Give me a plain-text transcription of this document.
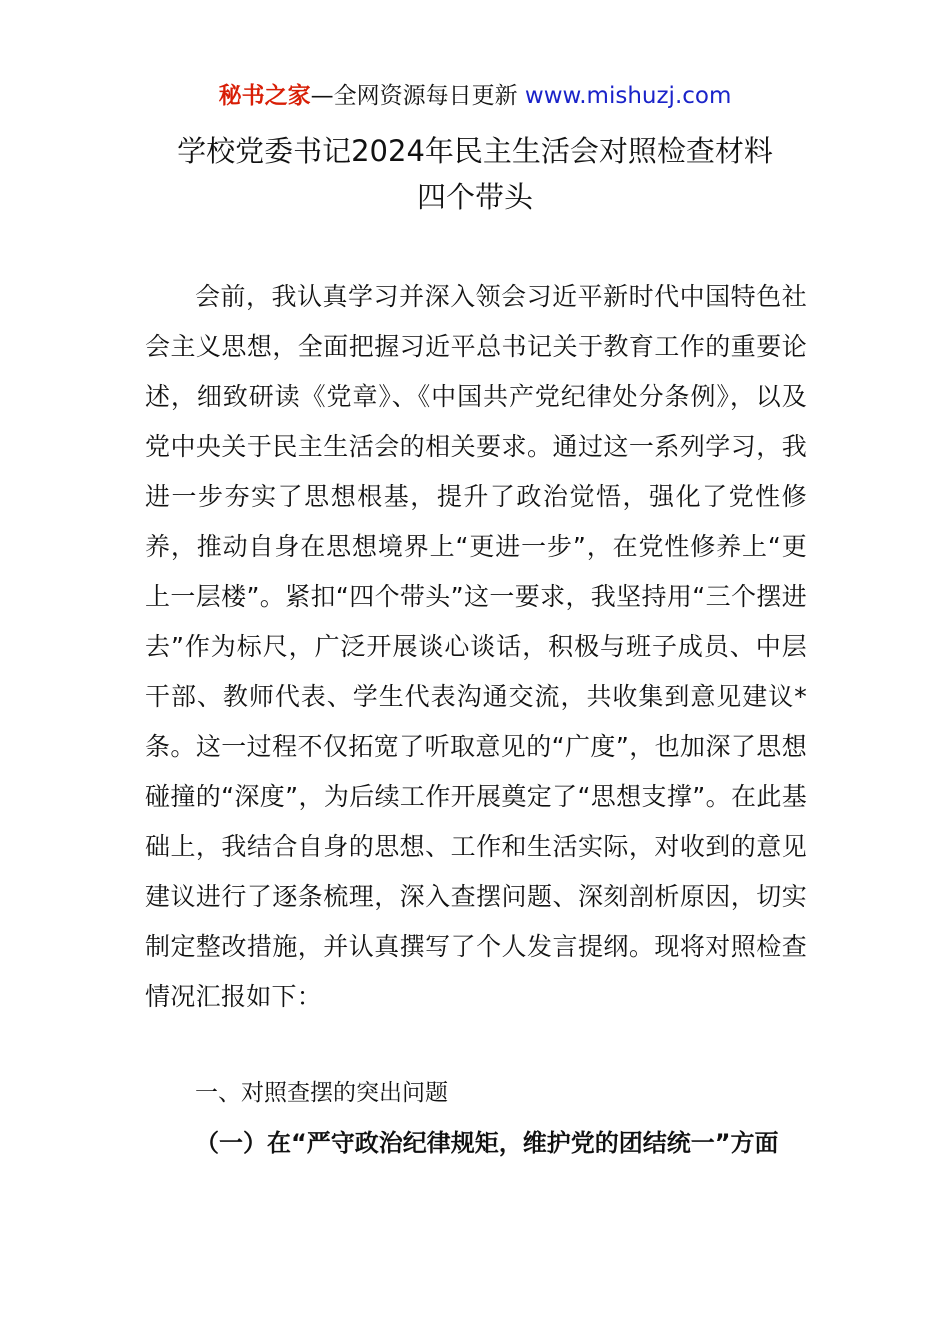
秘书之家—全网资源每日更新 www.mishuzj.com
学校党委书记2024年民主生活会对照检查材料
四个带头

会前，我认真学习并深入领会习近平新时代中国特色社会主义思想，全面把握习近平总书记关于教育工作的重要论述，细致研读《党章》、《中国共产党纪律处分条例》，以及党中央关于民主生活会的相关要求。通过这一系列学习，我进一步夯实了思想根基，提升了政治觉悟，强化了党性修养，推动自身在思想境界上“更进一步”，在党性修养上“更上一层楼”。紧扣“四个带头”这一要求，我坚持用“三个摆进去”作为标尺，广泛开展谈心谈话，积极与班子成员、中层干部、教师代表、学生代表沟通交流，共收集到意见建议*条。这一过程不仅拓宽了听取意见的“广度”，也加深了思想碰撞的“深度”，为后续工作开展奠定了“思想支撑”。在此基础上，我结合自身的思想、工作和生活实际，对收到的意见建议进行了逐条梳理，深入查摆问题、深刻剖析原因，切实制定整改措施，并认真撰写了个人发言提纲。现将对照检查情况汇报如下：

一、对照查摆的突出问题

（一）在“严守政治纪律规矩，维护党的团结统一”方面
